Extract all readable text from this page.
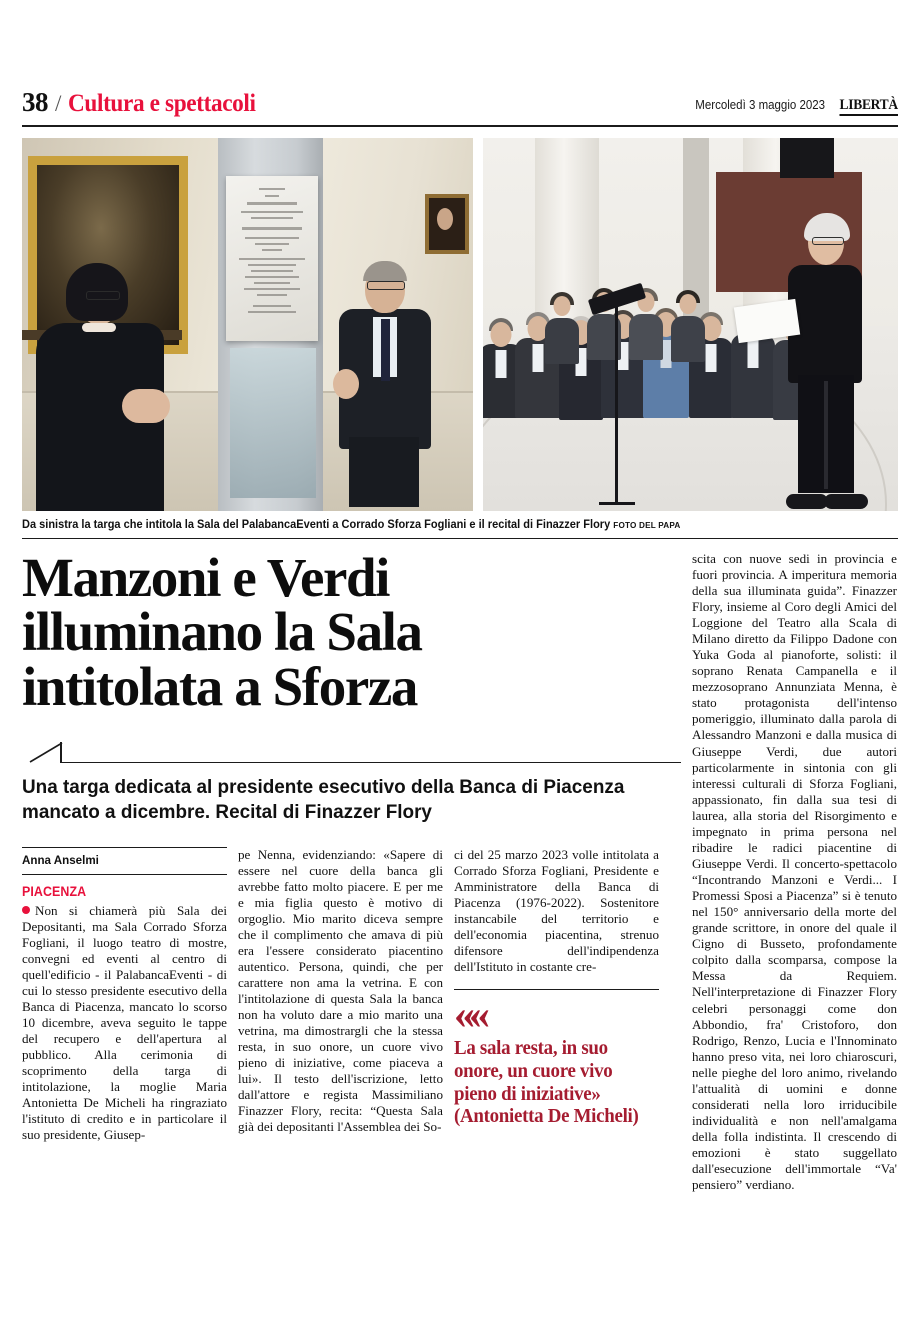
38 / Cultura e spettacoli	Mercoledì 3 maggio 2023 LIBERTÀ
Da sinistra la targa che intitola la Sala del PalabancaEventi a Corrado Sforza Fogliani e il recital di Finazzer Flory FOTO DEL PAPA
Manzoni e Verdi
illuminano la Sala
intitolata a Sforza
Una targa dedicata al presidente esecutivo della Banca di Piacenza mancato a dicembre. Recital di Finazzer Flory
Anna Anselmi
PIACENZA

Non si chiamerà più Sala dei Depositanti, ma Sala Corrado Sforza Fogliani, il luogo teatro di mostre, convegni ed eventi al centro di quell'edificio - il PalabancaEventi - di cui lo stesso presidente esecutivo della Banca di Piacenza, mancato lo scorso 10 dicembre, aveva seguito le tappe del recupero e dell'apertura al pubblico. Alla cerimonia di scoprimento della targa di intitolazione, la moglie Maria Antonietta De Micheli ha ringraziato l'istituto di credito e in particolare il suo presidente, Giusep-

pe Nenna, evidenziando: «Sapere di essere nel cuore della banca gli avrebbe fatto molto piacere. E per me e mia figlia questo è motivo di orgoglio. Mio marito diceva sempre che il complimento che amava di più era l'essere considerato piacentino autentico. Persona, quindi, che per carattere non ama la vetrina. E con l'intitolazione di questa Sala la banca non ha voluto dare a mio marito una vetrina, ma dimostrargli che la stessa resta, in suo onore, un cuore vivo pieno di iniziative, come piaceva a lui». Il testo dell'iscrizione, letto dall'attore e regista Massimiliano Finazzer Flory, recita: “Questa Sala già dei depositanti l'Assemblea dei So-

ci del 25 marzo 2023 volle intitolata a Corrado Sforza Fogliani, Presidente e Amministratore della Banca di Piacenza (1976-2022). Sostenitore instancabile del territorio e dell'economia piacentina, strenuo difensore dell'indipendenza dell'Istituto in costante cre-

««
La sala resta, in suo
onore, un cuore vivo
pieno di iniziative»
(Antonietta De Micheli)

scita con nuove sedi in provincia e fuori provincia. A imperitura memoria della sua illuminata guida”. Finazzer Flory, insieme al Coro degli Amici del Loggione del Teatro alla Scala di Milano diretto da Filippo Dadone con Yuka Goda al pianoforte, solisti: il soprano Renata Campanella e il mezzosoprano Annunziata Menna, è stato protagonista dell'intenso pomeriggio, illuminato dalla parola di Alessandro Manzoni e dalla musica di Giuseppe Verdi, due autori particolarmente in sintonia con gli interessi culturali di Sforza Fogliani, appassionato, fin dalla sua tesi di laurea, alla storia del Risorgimento e impegnato in prima persona nel ribadire le radici piacentine di Giuseppe Verdi. Il concerto-spettacolo “Incontrando Manzoni e Verdi... I Promessi Sposi a Piacenza” si è tenuto nel 150° anniversario della morte del grande scrittore, in onore del quale il Cigno di Busseto, profondamente colpito dalla scomparsa, compose la Messa da Requiem. Nell'interpretazione di Finazzer Flory celebri personaggi come don Abbondio, fra' Cristoforo, don Rodrigo, Renzo, Lucia e l'Innominato hanno preso vita, nei loro chiaroscuri, nelle pieghe del loro animo, rivelando l'attualità di uomini e donne considerati nella loro irriducibile individualità e non nell'amalgama della folla indistinta. Il crescendo di emozioni è stato suggellato dall'esecuzione dell'immortale “Va' pensiero” verdiano.
